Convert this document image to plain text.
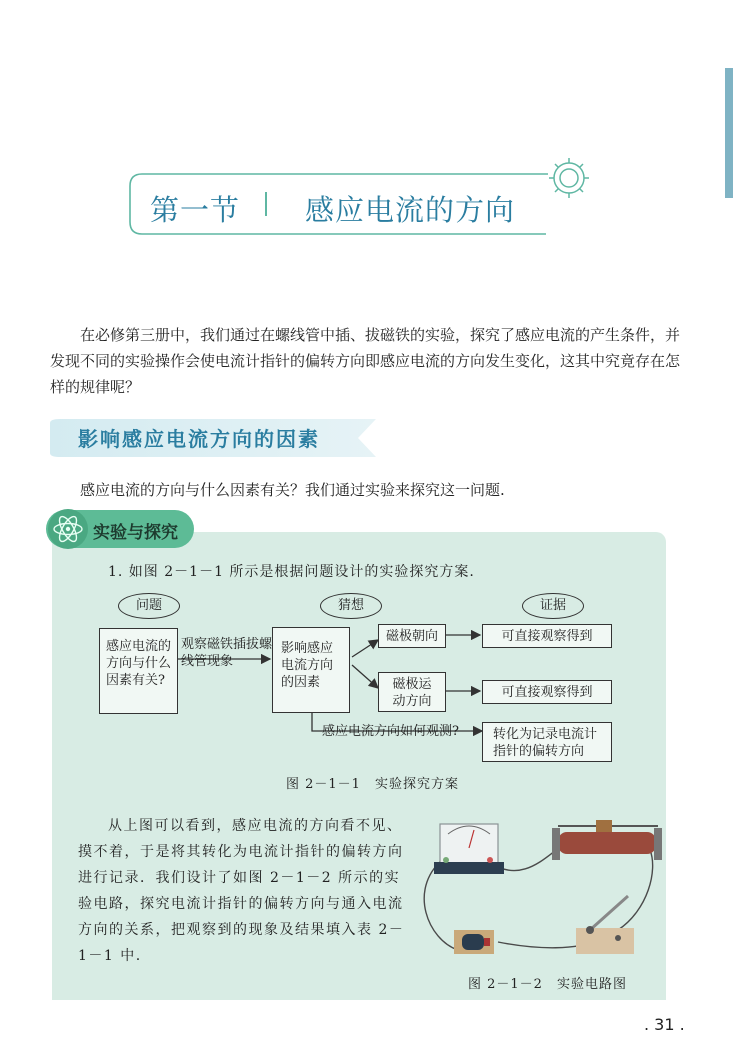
第一节 感应电流的方向
在必修第三册中，我们通过在螺线管中插、拔磁铁的实验，探究了感应电流的产生条件，并发现不同的实验操作会使电流计指针的偏转方向即感应电流的方向发生变化，这其中究竟存在怎样的规律呢？
影响感应电流方向的因素
感应电流的方向与什么因素有关？我们通过实验来探究这一问题.
实验与探究
1. 如图 2－1－1 所示是根据问题设计的实验探究方案.
问题	猜想	证据
感应电流的方向与什么因素有关?
观察磁铁插拔螺线管现象
影响感应电流方向的因素
磁极朝向
磁极运动方向
可直接观察得到
可直接观察得到
感应电流方向如何观测?	转化为记录电流计指针的偏转方向
图 2－1－1　实验探究方案
从上图可以看到，感应电流的方向看不见、摸不着，于是将其转化为电流计指针的偏转方向进行记录．我们设计了如图 2－1－2 所示的实验电路，探究电流计指针的偏转方向与通入电流方向的关系，把观察到的现象及结果填入表 2－1－1 中.
图 2－1－2　实验电路图
. 31 .
